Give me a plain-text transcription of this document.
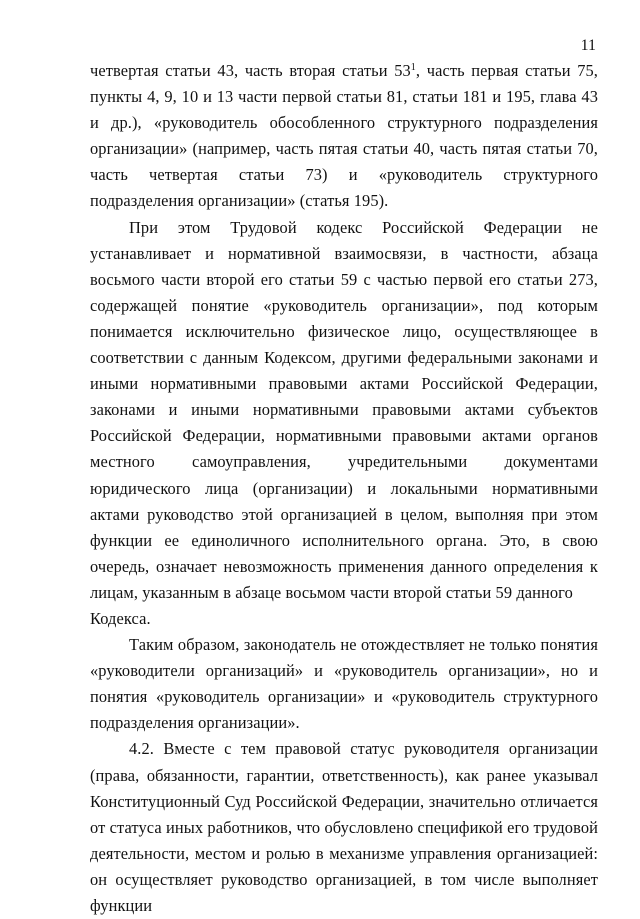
11

четвертая статьи 43, часть вторая статьи $53^1$, часть первая статьи 75, пункты 4, 9, 10 и 13 части первой статьи 81, статьи 181 и 195, глава 43 и др.), «руководитель обособленного структурного подразделения организации» (например, часть пятая статьи 40, часть пятая статьи 70, часть четвертая статьи 73) и «руководитель структурного подразделения организации» (статья 195).

При этом Трудовой кодекс Российской Федерации не устанавливает и нормативной взаимосвязи, в частности, абзаца восьмого части второй его статьи 59 с частью первой его статьи 273, содержащей понятие «руководитель организации», под которым понимается исключительно физическое лицо, осуществляющее в соответствии с данным Кодексом, другими федеральными законами и иными нормативными правовыми актами Российской Федерации, законами и иными нормативными правовыми актами субъектов Российской Федерации, нормативными правовыми актами органов местного самоуправления, учредительными документами юридического лица (организации) и локальными нормативными актами руководство этой организацией в целом, выполняя при этом функции ее единоличного исполнительного органа. Это, в свою очередь, означает невозможность применения данного определения к лицам, указанным в абзаце восьмом части второй статьи 59 данного

Кодекса.

Таким образом, законодатель не отождествляет не только понятия «руководители организаций» и «руководитель организации», но и понятия «руководитель организации» и «руководитель структурного подразделения организации».

4.2. Вместе с тем правовой статус руководителя организации (права, обязанности, гарантии, ответственность), как ранее указывал Конституционный Суд Российской Федерации, значительно отличается от статуса иных работников, что обусловлено спецификой его трудовой деятельности, местом и ролью в механизме управления организацией: он осуществляет руководство организацией, в том числе выполняет функции
